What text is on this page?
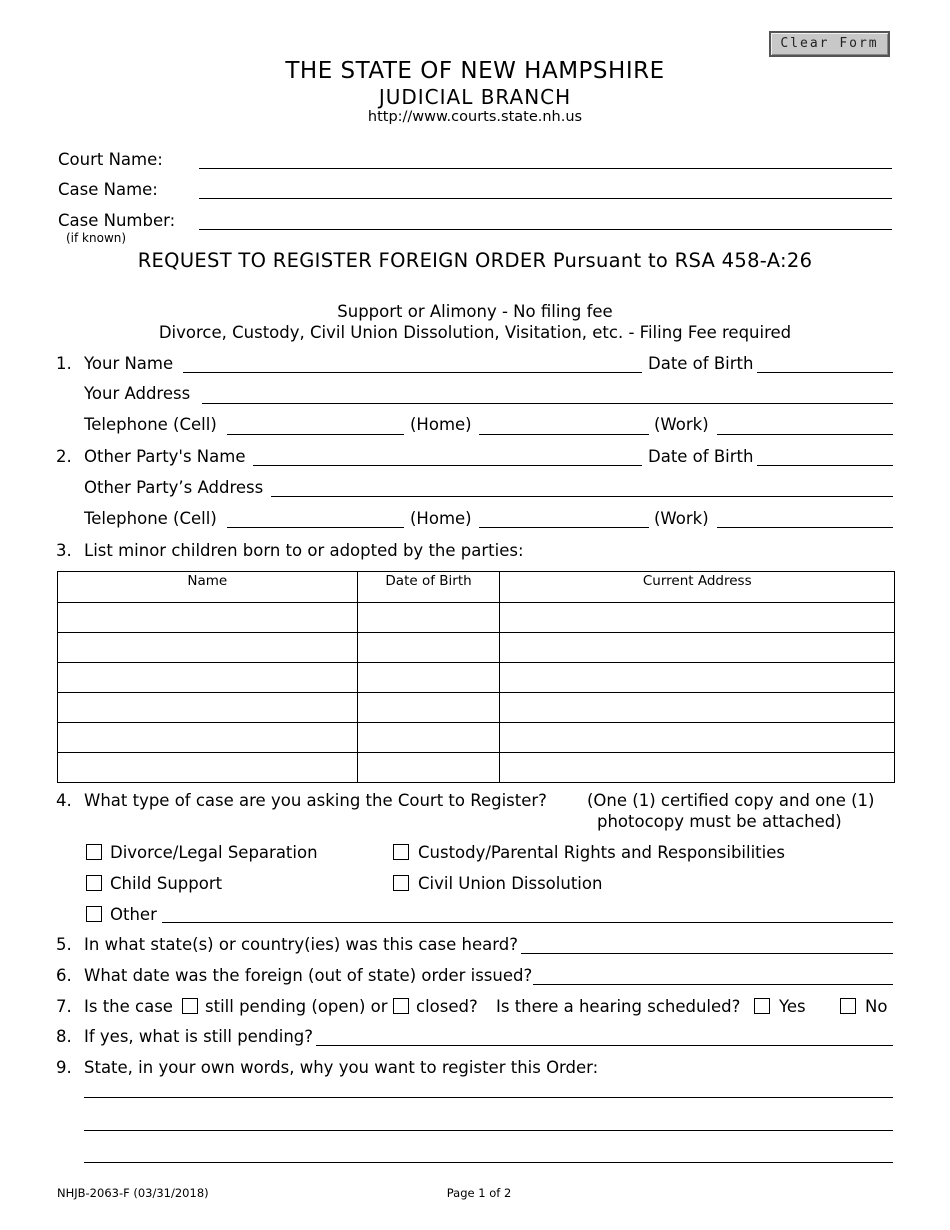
Clear Form
THE STATE OF NEW HAMPSHIRE
JUDICIAL BRANCH
http://www.courts.state.nh.us
Court Name:
Case Name:
Case Number:
(if known)
REQUEST TO REGISTER FOREIGN ORDER Pursuant to RSA 458-A:26
Support or Alimony - No filing fee
Divorce, Custody, Civil Union Dissolution, Visitation, etc. - Filing Fee required
1. Your Name	Date of Birth
Your Address
Telephone (Cell)	(Home)	(Work)
2. Other Party's Name	Date of Birth
Other Party’s Address
Telephone (Cell)	(Home)	(Work)
3. List minor children born to or adopted by the parties:
Name	Date of Birth	Current Address

4. What type of case are you asking the Court to Register? (One (1) certified copy and one (1)
photocopy must be attached)
Divorce/Legal Separation	Custody/Parental Rights and Responsibilities
Child Support	Civil Union Dissolution
Other
5. In what state(s) or country(ies) was this case heard?
6. What date was the foreign (out of state) order issued?
7. Is the case still pending (open) or closed? Is there a hearing scheduled? Yes	No
8. If yes, what is still pending?
9. State, in your own words, why you want to register this Order:
NHJB-2063-F (03/31/2018)	Page 1 of 2
